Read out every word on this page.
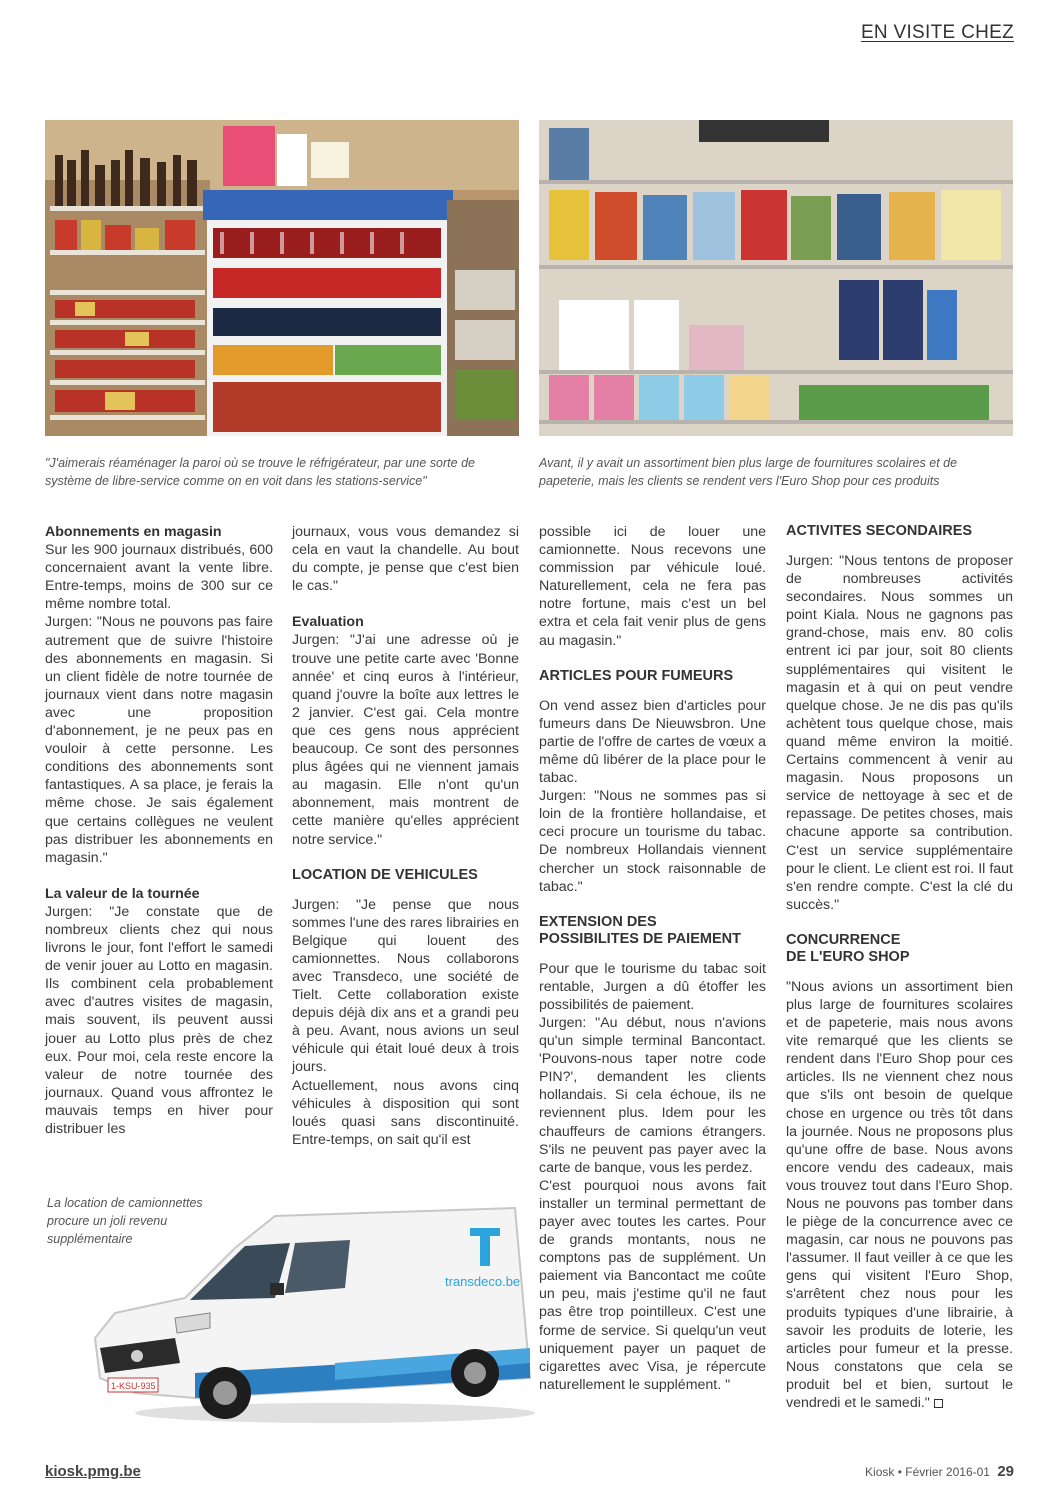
EN VISITE CHEZ
"J'aimerais réaménager la paroi où se trouve le réfrigérateur, par une sorte de système de libre-service comme on en voit dans les stations-service"
Avant, il y avait un assortiment bien plus large de fournitures scolaires et de papeterie, mais les clients se rendent vers l'Euro Shop pour ces produits

Abonnements en magasin

Sur les 900 journaux distribués, 600 concernaient avant la vente libre. Entre-temps, moins de 300 sur ce même nombre total.

Jurgen: "Nous ne pouvons pas faire autrement que de suivre l'histoire des abonnements en magasin. Si un client fidèle de notre tournée de journaux vient dans notre magasin avec une proposition d'abonnement, je ne peux pas en vouloir à cette personne. Les conditions des abonnements sont fantastiques. A sa place, je ferais la même chose. Je sais également que certains collègues ne veulent pas distribuer les abonnements en magasin."

La valeur de la tournée

Jurgen: "Je constate que de nombreux clients chez qui nous livrons le jour, font l'effort le samedi de venir jouer au Lotto en magasin. Ils combinent cela probablement avec d'autres visites de magasin, mais souvent, ils peuvent aussi jouer au Lotto plus près de chez eux. Pour moi, cela reste encore la valeur de notre tournée des journaux. Quand vous affrontez le mauvais temps en hiver pour distribuer les

journaux, vous vous demandez si cela en vaut la chandelle. Au bout du compte, je pense que c'est bien le cas."

Evaluation

Jurgen: "J'ai une adresse où je trouve une petite carte avec 'Bonne année' et cinq euros à l'intérieur, quand j'ouvre la boîte aux lettres le 2 janvier. C'est gai. Cela montre que ces gens nous apprécient beaucoup. Ce sont des personnes plus âgées qui ne viennent jamais au magasin. Elle n'ont qu'un abonnement, mais montrent de cette manière qu'elles apprécient notre service."

LOCATION DE VEHICULES

Jurgen: "Je pense que nous sommes l'une des rares librairies en Belgique qui louent des camionnettes. Nous collaborons avec Transdeco, une société de Tielt. Cette collaboration existe depuis déjà dix ans et a grandi peu à peu. Avant, nous avions un seul véhicule qui était loué deux à trois jours.

Actuellement, nous avons cinq véhicules à disposition qui sont loués quasi sans discontinuité. Entre-temps, on sait qu'il est

possible ici de louer une camionnette. Nous recevons une commission par véhicule loué. Naturellement, cela ne fera pas notre fortune, mais c'est un bel extra et cela fait venir plus de gens au magasin."

ARTICLES POUR FUMEURS

On vend assez bien d'articles pour fumeurs dans De Nieuwsbron. Une partie de l'offre de cartes de vœux a même dû libérer de la place pour le tabac.

Jurgen: "Nous ne sommes pas si loin de la frontière hollandaise, et ceci procure un tourisme du tabac. De nombreux Hollandais viennent chercher un stock raisonnable de tabac."

EXTENSION DES
POSSIBILITES DE PAIEMENT

Pour que le tourisme du tabac soit rentable, Jurgen a dû étoffer les possibilités de paiement.

Jurgen: "Au début, nous n'avions qu'un simple terminal Bancontact. 'Pouvons-nous taper notre code PIN?', demandent les clients hollandais. Si cela échoue, ils ne reviennent plus. Idem pour les chauffeurs de camions étrangers. S'ils ne peuvent pas payer avec la carte de banque, vous les perdez.

C'est pourquoi nous avons fait installer un terminal permettant de payer avec toutes les cartes. Pour de grands montants, nous ne comptons pas de supplément. Un paiement via Bancontact me coûte un peu, mais j'estime qu'il ne faut pas être trop pointilleux. C'est une forme de service. Si quelqu'un veut uniquement payer un paquet de cigarettes avec Visa, je répercute naturellement le supplément. "

ACTIVITES SECONDAIRES

Jurgen: "Nous tentons de proposer de nombreuses activités secondaires. Nous sommes un point Kiala. Nous ne gagnons pas grand-chose, mais env. 80 colis entrent ici par jour, soit 80 clients supplémentaires qui visitent le magasin et à qui on peut vendre quelque chose. Je ne dis pas qu'ils achètent tous quelque chose, mais quand même environ la moitié. Certains commencent à venir au magasin. Nous proposons un service de nettoyage à sec et de repassage. De petites choses, mais chacune apporte sa contribution. C'est un service supplémentaire pour le client. Le client est roi. Il faut s'en rendre compte. C'est la clé du succès."

CONCURRENCE
DE L'EURO SHOP

"Nous avions un assortiment bien plus large de fournitures scolaires et de papeterie, mais nous avons vite remarqué que les clients se rendent dans l'Euro Shop pour ces articles. Ils ne viennent chez nous que s'ils ont besoin de quelque chose en urgence ou très tôt dans la journée. Nous ne proposons plus qu'une offre de base. Nous avons encore vendu des cadeaux, mais vous trouvez tout dans l'Euro Shop. Nous ne pouvons pas tomber dans le piège de la concurrence avec ce magasin, car nous ne pouvons pas l'assumer. Il faut veiller à ce que les gens qui visitent l'Euro Shop, s'arrêtent chez nous pour les produits typiques d'une librairie, à savoir les produits de loterie, les articles pour fumeur et la presse. Nous constatons que cela se produit bel et bien, surtout le vendredi et le samedi."

transdeco.be
1-KSU-935
La location de camionnettes procure un joli revenu supplémentaire
kiosk.pmg.be	Kiosk • Février 2016-01 29
